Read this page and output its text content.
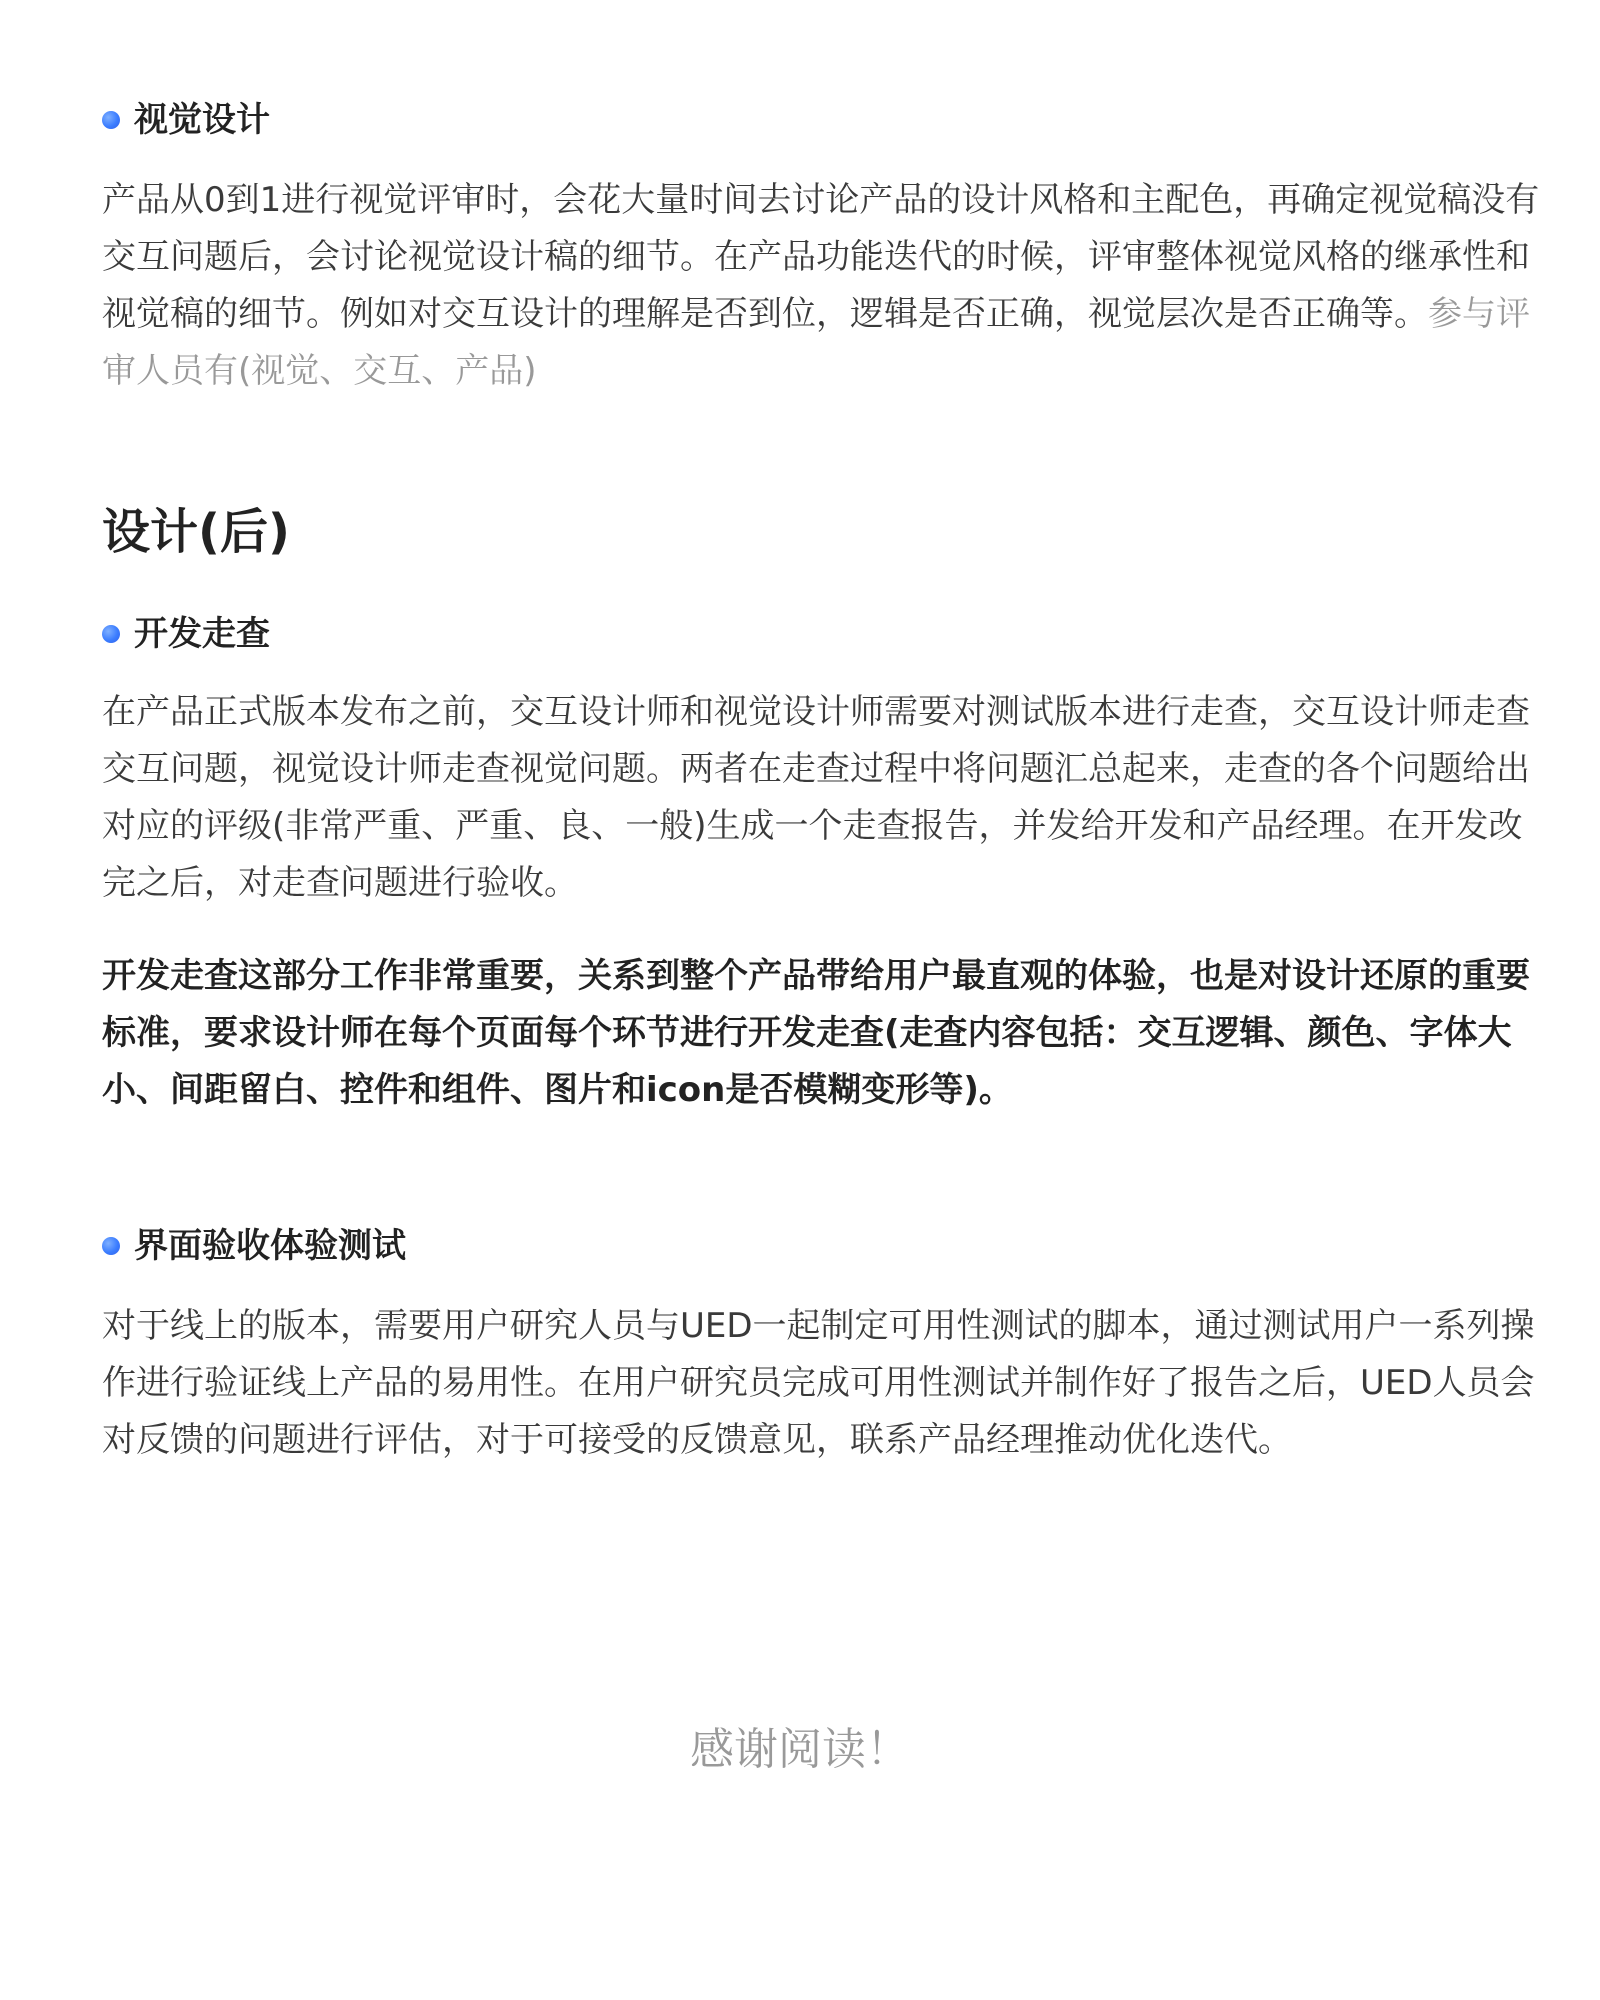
视觉设计

产品从0到1进行视觉评审时，会花大量时间去讨论产品的设计风格和主配色，再确定视觉稿没有交互问题后，会讨论视觉设计稿的细节。在产品功能迭代的时候，评审整体视觉风格的继承性和视觉稿的细节。例如对交互设计的理解是否到位，逻辑是否正确，视觉层次是否正确等。参与评审人员有(视觉、交互、产品)

设计(后)
开发走查

在产品正式版本发布之前，交互设计师和视觉设计师需要对测试版本进行走查，交互设计师走查交互问题，视觉设计师走查视觉问题。两者在走查过程中将问题汇总起来，走查的各个问题给出对应的评级(非常严重、严重、良、一般)生成一个走查报告，并发给开发和产品经理。在开发改完之后，对走查问题进行验收。

开发走查这部分工作非常重要，关系到整个产品带给用户最直观的体验，也是对设计还原的重要标准，要求设计师在每个页面每个环节进行开发走查(走查内容包括：交互逻辑、颜色、字体大小、间距留白、控件和组件、图片和icon是否模糊变形等)。

界面验收体验测试

对于线上的版本，需要用户研究人员与UED一起制定可用性测试的脚本，通过测试用户一系列操作进行验证线上产品的易用性。在用户研究员完成可用性测试并制作好了报告之后，UED人员会对反馈的问题进行评估，对于可接受的反馈意见，联系产品经理推动优化迭代。

感谢阅读！
